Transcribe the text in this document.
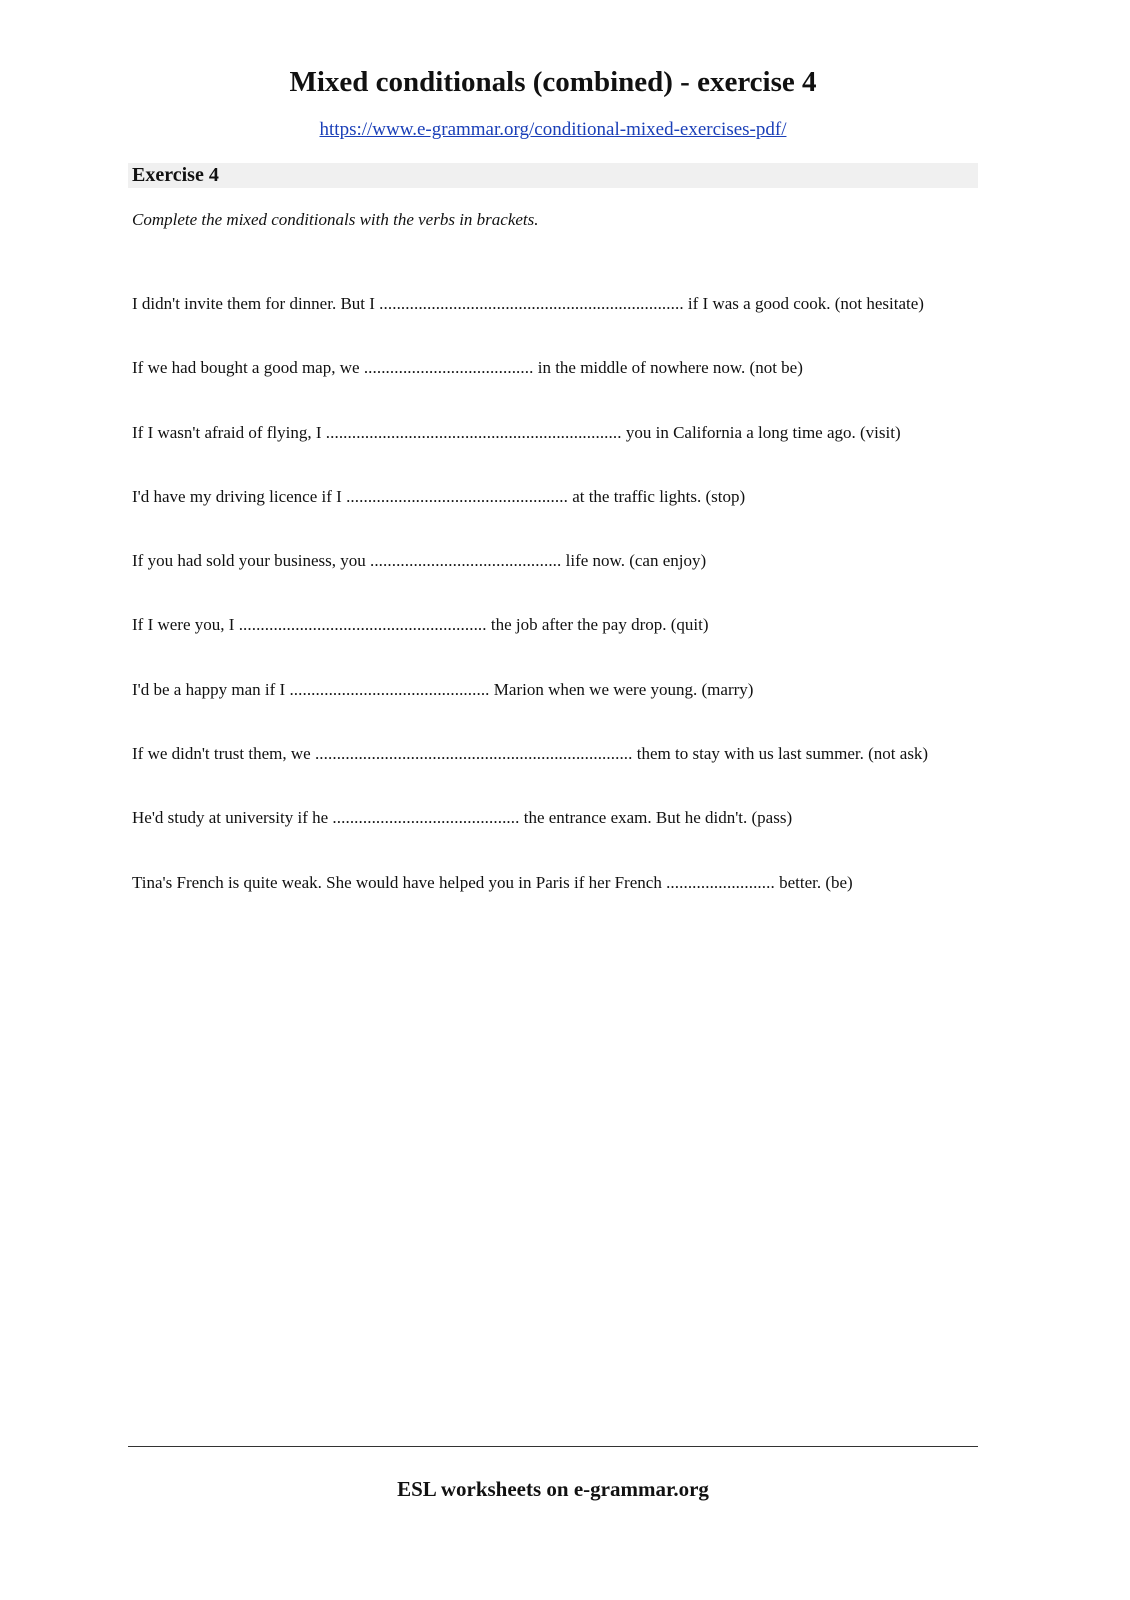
Mixed conditionals (combined) - exercise 4
https://www.e-grammar.org/conditional-mixed-exercises-pdf/
Exercise 4
Complete the mixed conditionals with the verbs in brackets.
I didn't invite them for dinner. But I ...................................................................... if I was a good cook. (not hesitate)
If we had bought a good map, we ....................................... in the middle of nowhere now. (not be)
If I wasn't afraid of flying, I .................................................................... you in California a long time ago. (visit)
I'd have my driving licence if I ................................................... at the traffic lights. (stop)
If you had sold your business, you ............................................ life now. (can enjoy)
If I were you, I ......................................................... the job after the pay drop. (quit)
I'd be a happy man if I .............................................. Marion when we were young. (marry)
If we didn't trust them, we ......................................................................... them to stay with us last summer. (not ask)
He'd study at university if he ........................................... the entrance exam. But he didn't. (pass)
Tina's French is quite weak. She would have helped you in Paris if her French ......................... better. (be)
ESL worksheets on e-grammar.org
